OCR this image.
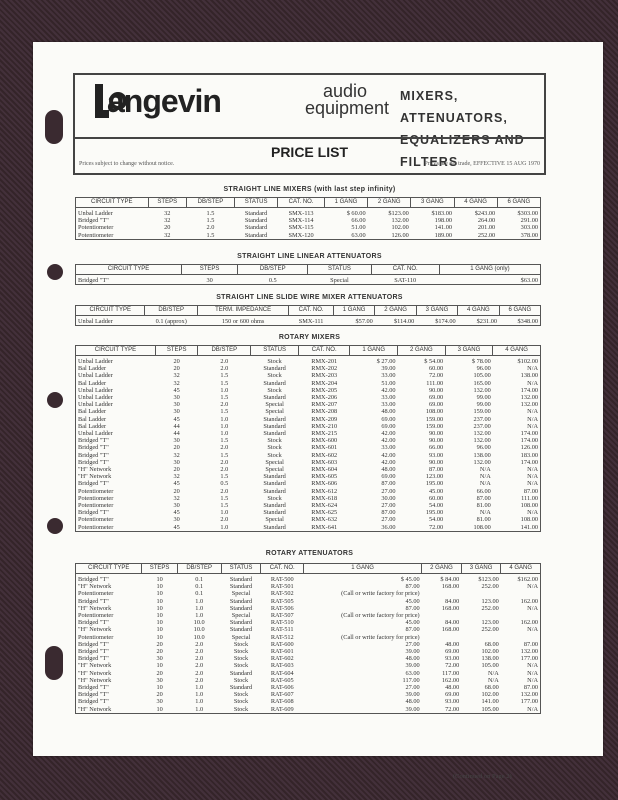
angevin	audio
equipment
MIXERS, ATTENUATORS,
EQUALIZERS AND FILTERS
PRICE LIST
Prices subject to change without notice.	Prices are net trade, EFFECTIVE 15 AUG 1970
STRAIGHT LINE MIXERS (with last step infinity)
CIRCUIT TYPE	STEPS	DB/STEP	STATUS	CAT. NO.	1 GANG	2 GANG	3 GANG	4 GANG	6 GANG

Unbal Ladder	32	1.5	Standard	SMX-113	$ 60.00	$123.00	$183.00	$243.00	$303.00
Bridged "T"	32	1.5	Standard	SMX-114	66.00	132.00	198.00	264.00	291.00
Potentiometer	20	2.0	Standard	SMX-115	51.00	102.00	141.00	201.00	303.00
Potentiometer	32	1.5	Standard	SMX-120	63.00	126.00	189.00	252.00	378.00
STRAIGHT LINE LINEAR ATTENUATORS
CIRCUIT TYPE	STEPS	DB/STEP	STATUS	CAT. NO.	1 GANG (only)

Bridged "T"	30	0.5	Special	SAT-110	$63.00
STRAIGHT LINE SLIDE WIRE MIXER ATTENUATORS
CIRCUIT TYPE	DB/STEP	TERM. IMPEDANCE	CAT. NO.	1 GANG	2 GANG	3 GANG	4 GANG	6 GANG

Unbal Ladder	0.1 (approx)	150 or 600 ohms	SMX-111	$57.00	$114.00	$174.00	$231.00	$348.00
ROTARY MIXERS
CIRCUIT TYPE	STEPS	DB/STEP	STATUS	CAT. NO.	1 GANG	2 GANG	3 GANG	4 GANG

Unbal Ladder	20	2.0	Stock	RMX-201	$ 27.00	$ 54.00	$ 78.00	$102.00
Bal Ladder	20	2.0	Standard	RMX-202	39.00	60.00	96.00	N/A
Unbal Ladder	32	1.5	Stock	RMX-203	33.00	72.00	105.00	138.00
Bal Ladder	32	1.5	Standard	RMX-204	51.00	111.00	165.00	N/A
Unbal Ladder	45	1.0	Stock	RMX-205	42.00	90.00	132.00	174.00
Unbal Ladder	30	1.5	Standard	RMX-206	33.00	69.00	99.00	132.00
Unbal Ladder	30	2.0	Special	RMX-207	33.00	69.00	99.00	132.00
Bal Ladder	30	1.5	Special	RMX-208	48.00	108.00	159.00	N/A
Bal Ladder	45	1.0	Standard	RMX-209	69.00	159.00	237.00	N/A
Bal Ladder	44	1.0	Standard	RMX-210	69.00	159.00	237.00	N/A
Unbal Ladder	44	1.0	Standard	RMX-215	42.00	90.00	132.00	174.00
Bridged "T"	30	1.5	Stock	RMX-600	42.00	90.00	132.00	174.00
Bridged "T"	20	2.0	Stock	RMX-601	33.00	66.00	96.00	126.00
Bridged "T"	32	1.5	Stock	RMX-602	42.00	93.00	138.00	183.00
Bridged "T"	30	2.0	Special	RMX-603	42.00	90.00	132.00	174.00
"H" Network	20	2.0	Special	RMX-604	48.00	87.00	N/A	N/A
"H" Network	32	1.5	Standard	RMX-605	69.00	123.00	N/A	N/A
Bridged "T"	45	0.5	Standard	RMX-606	87.00	195.00	N/A	N/A
Potentiometer	20	2.0	Standard	RMX-612	27.00	45.00	66.00	87.00
Potentiometer	32	1.5	Stock	RMX-618	30.00	60.00	87.00	111.00
Potentiometer	30	1.5	Standard	RMX-624	27.00	54.00	81.00	108.00
Bridged "T"	45	1.0	Standard	RMX-625	87.00	195.00	N/A	N/A
Potentiometer	30	2.0	Special	RMX-632	27.00	54.00	81.00	108.00
Potentiometer	45	1.0	Standard	RMX-641	36.00	72.00	108.00	141.00
ROTARY ATTENUATORS
CIRCUIT TYPE	STEPS	DB/STEP	STATUS	CAT. NO.	1 GANG	2 GANG	3 GANG	4 GANG

Bridged "T"	10	0.1	Standard	RAT-500	$ 45.00	$ 84.00	$123.00	$162.00
"H" Network	10	0.1	Standard	RAT-501	87.00	168.00	252.00	N/A
Potentiometer	10	0.1	Special	RAT-502	(Call or write factory for price)			
Bridged "T"	10	1.0	Standard	RAT-505	45.00	84.00	123.00	162.00
"H" Network	10	1.0	Standard	RAT-506	87.00	168.00	252.00	N/A
Potentiometer	10	1.0	Special	RAT-507	(Call or write factory for price)			
Bridged "T"	10	10.0	Standard	RAT-510	45.00	84.00	123.00	162.00
"H" Network	10	10.0	Standard	RAT-511	87.00	168.00	252.00	N/A
Potentiometer	10	10.0	Special	RAT-512	(Call or write factory for price)			
Bridged "T"	20	2.0	Stock	RAT-600	27.00	48.00	68.00	87.00
Bridged "T"	20	2.0	Stock	RAT-601	39.00	69.00	102.00	132.00
Bridged "T"	30	2.0	Stock	RAT-602	48.00	93.00	138.00	177.00
"H" Network	10	2.0	Stock	RAT-603	39.00	72.00	105.00	N/A
"H" Network	20	2.0	Standard	RAT-604	63.00	117.00	N/A	N/A
"H" Network	30	2.0	Stock	RAT-605	117.00	162.00	N/A	N/A
Bridged "T"	10	1.0	Standard	RAT-606	27.00	48.00	68.00	87.00
Bridged "T"	20	1.0	Stock	RAT-607	39.00	69.00	102.00	132.00
Bridged "T"	30	1.0	Stock	RAT-608	48.00	93.00	141.00	177.00
"H" Network	10	1.0	Stock	RAT-609	39.00	72.00	105.00	N/A
(Continued on Page 2)
